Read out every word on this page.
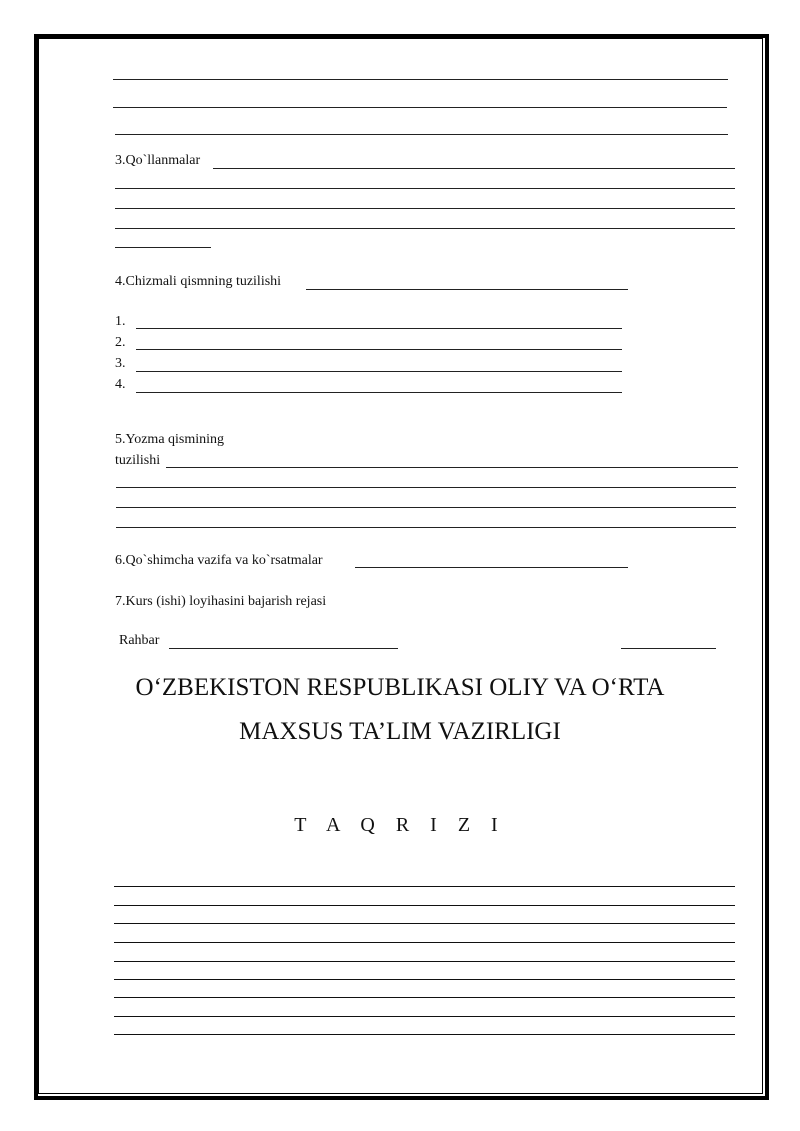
3.Qo`llanmalar
4.Chizmali qismning tuzilishi
1.
2.
3.
4.
5.Yozma qismining
tuzilishi
6.Qo`shimcha vazifa va ko`rsatmalar
7.Kurs (ishi) loyihasini bajarish rejasi
Rahbar
O‘ZBEKISTON RESPUBLIKASI OLIY VA O‘RTA
MAXSUS TA’LIM VAZIRLIGI
T A Q R I Z I
